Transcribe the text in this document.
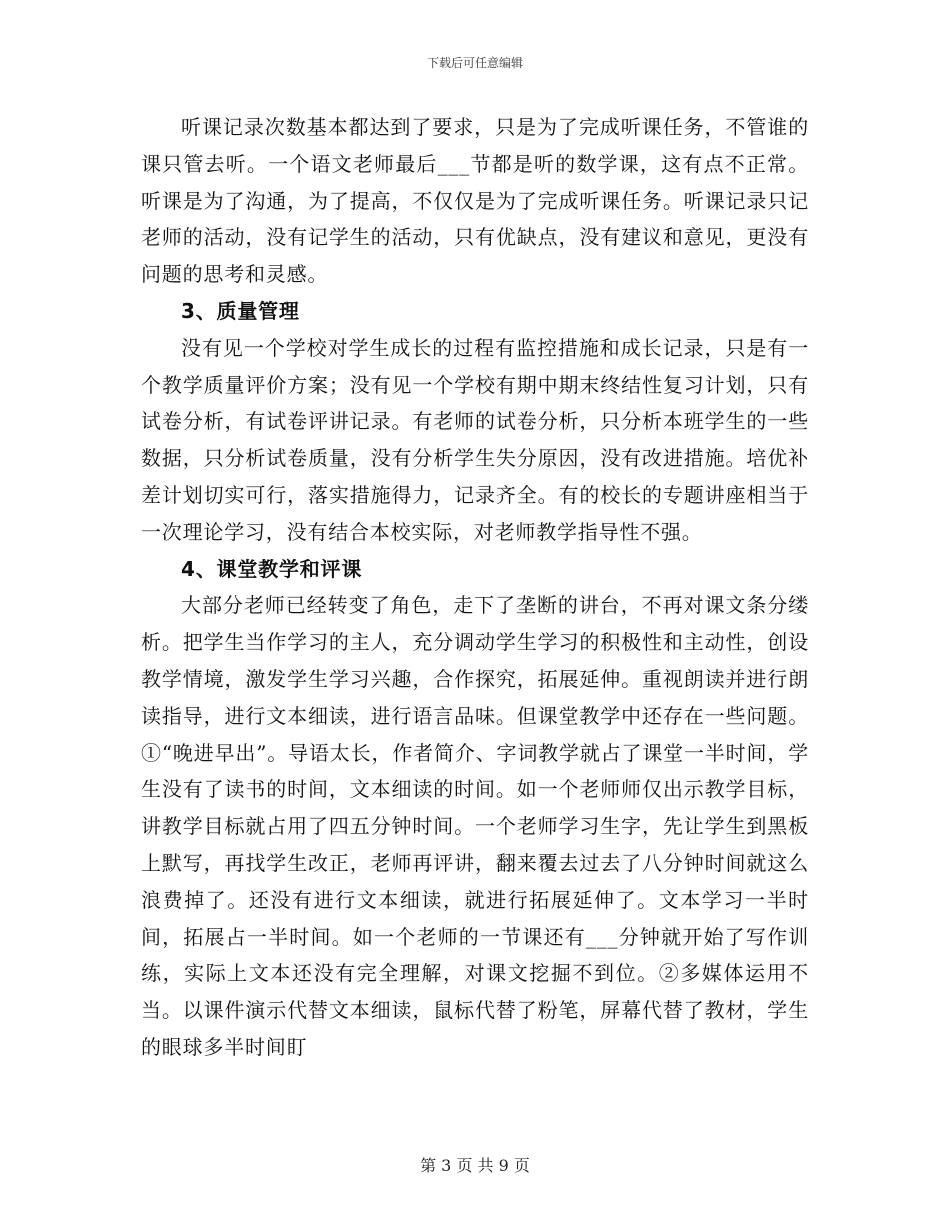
下载后可任意编辑

听课记录次数基本都达到了要求，只是为了完成听课任务，不管谁的课只管去听。一个语文老师最后___节都是听的数学课，这有点不正常。听课是为了沟通，为了提高，不仅仅是为了完成听课任务。听课记录只记老师的活动，没有记学生的活动，只有优缺点，没有建议和意见，更没有问题的思考和灵感。

3、质量管理

没有见一个学校对学生成长的过程有监控措施和成长记录，只是有一个教学质量评价方案；没有见一个学校有期中期末终结性复习计划，只有试卷分析，有试卷评讲记录。有老师的试卷分析，只分析本班学生的一些数据，只分析试卷质量，没有分析学生失分原因，没有改进措施。培优补差计划切实可行，落实措施得力，记录齐全。有的校长的专题讲座相当于一次理论学习，没有结合本校实际，对老师教学指导性不强。

4、课堂教学和评课

大部分老师已经转变了角色，走下了垄断的讲台，不再对课文条分缕析。把学生当作学习的主人，充分调动学生学习的积极性和主动性，创设教学情境，激发学生学习兴趣，合作探究，拓展延伸。重视朗读并进行朗读指导，进行文本细读，进行语言品味。但课堂教学中还存在一些问题。①“晚进早出”。导语太长，作者简介、字词教学就占了课堂一半时间，学生没有了读书的时间，文本细读的时间。如一个老师师仅出示教学目标，讲教学目标就占用了四五分钟时间。一个老师学习生字，先让学生到黑板上默写，再找学生改正，老师再评讲，翻来覆去过去了八分钟时间就这么浪费掉了。还没有进行文本细读，就进行拓展延伸了。文本学习一半时间，拓展占一半时间。如一个老师的一节课还有___分钟就开始了写作训练，实际上文本还没有完全理解，对课文挖掘不到位。②多媒体运用不当。以课件演示代替文本细读，鼠标代替了粉笔，屏幕代替了教材，学生的眼球多半时间盯

第 3 页 共 9 页
